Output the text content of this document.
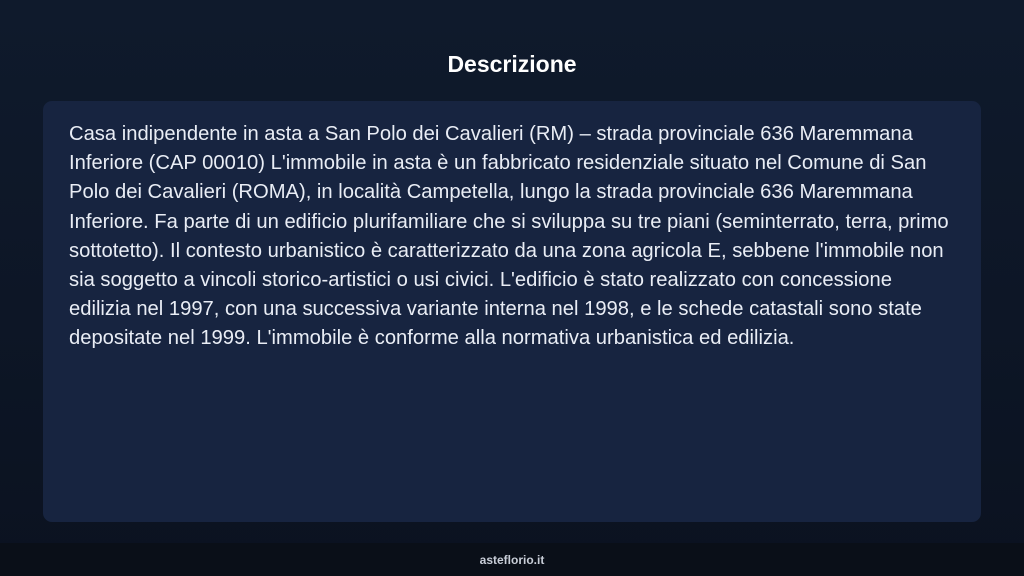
Descrizione

Casa indipendente in asta a San Polo dei Cavalieri (RM) – strada provinciale 636 Maremmana Inferiore (CAP 00010) L'immobile in asta è un fabbricato residenziale situato nel Comune di San Polo dei Cavalieri (ROMA), in località Campetella, lungo la strada provinciale 636 Maremmana Inferiore. Fa parte di un edificio plurifamiliare che si sviluppa su tre piani (seminterrato, terra, primo sottotetto). Il contesto urbanistico è caratterizzato da una zona agricola E, sebbene l'immobile non sia soggetto a vincoli storico-artistici o usi civici. L'edificio è stato realizzato con concessione edilizia nel 1997, con una successiva variante interna nel 1998, e le schede catastali sono state depositate nel 1999. L'immobile è conforme alla normativa urbanistica ed edilizia.

asteflorio.it
